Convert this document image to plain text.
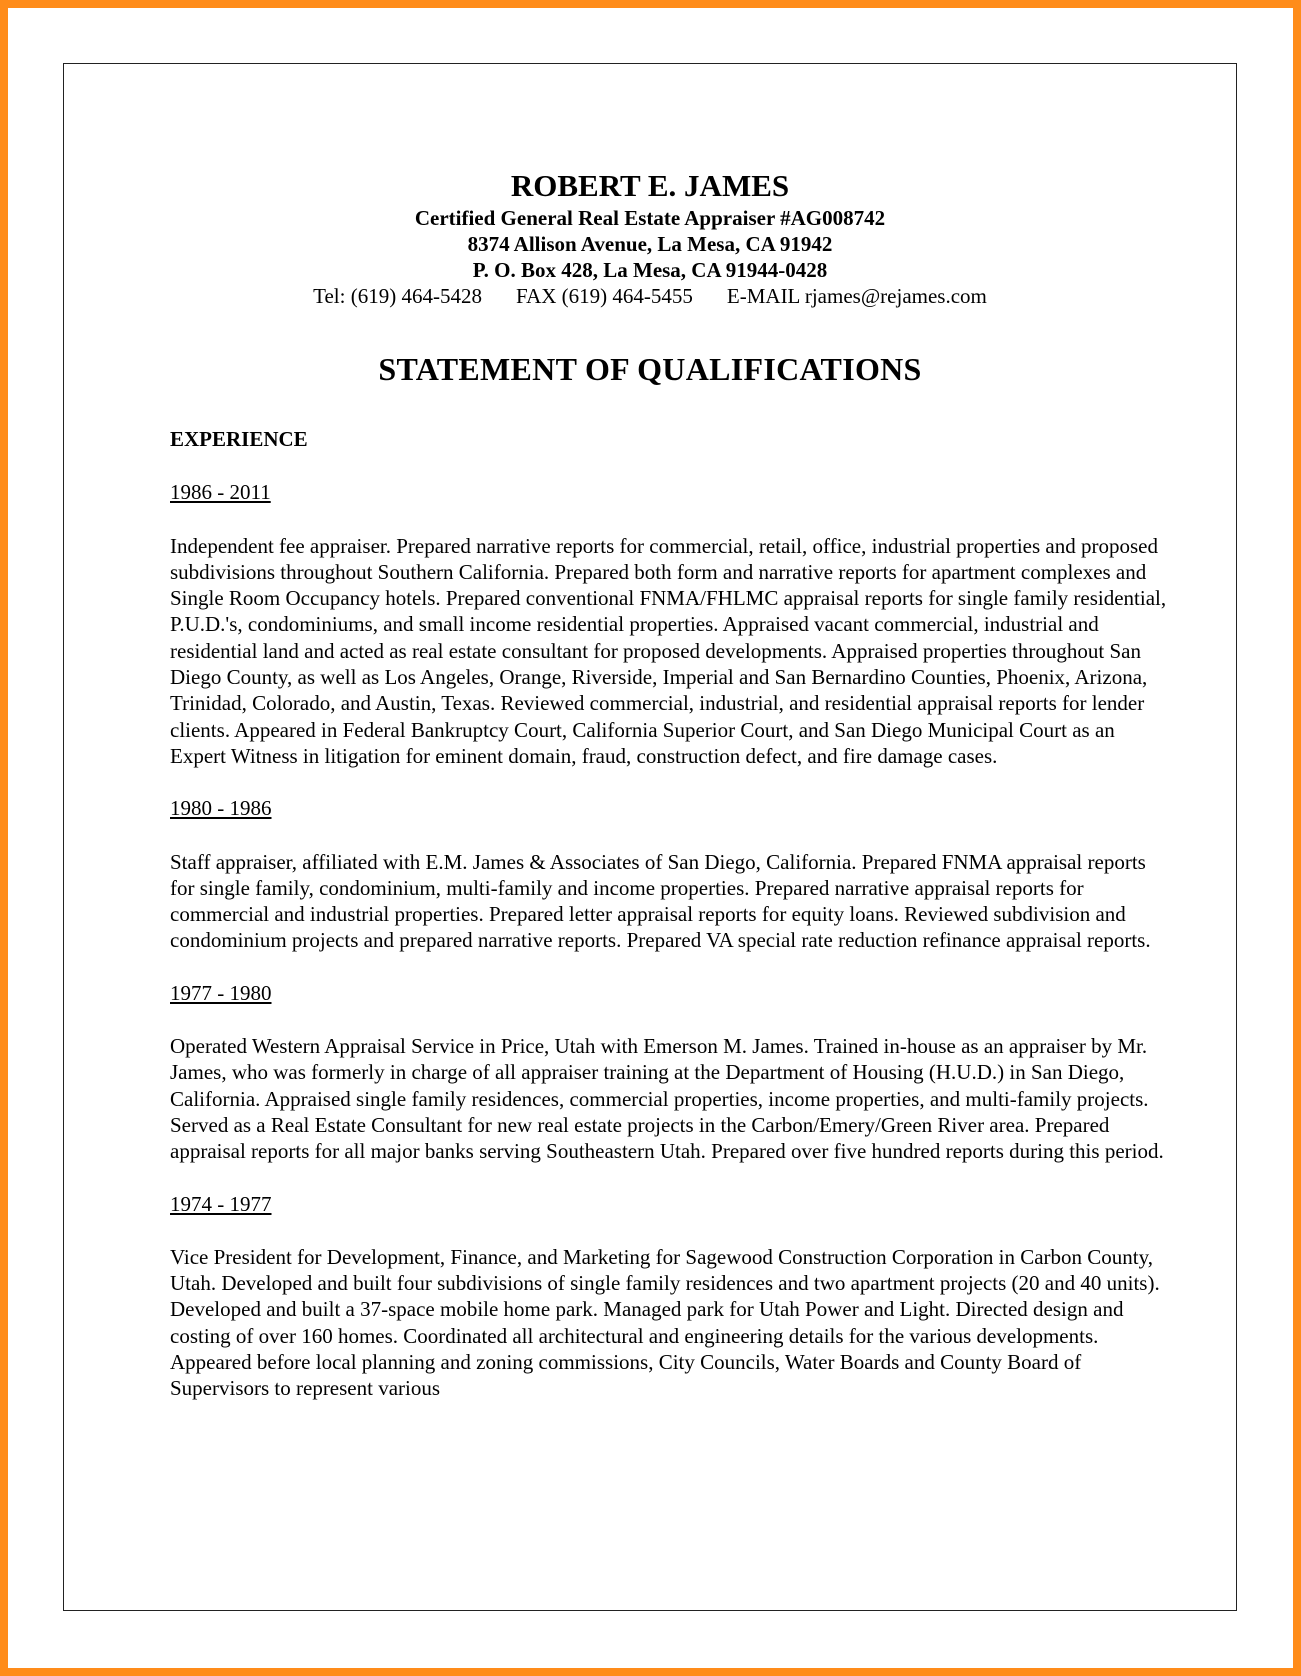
ROBERT E. JAMES

Certified General Real Estate Appraiser #AG008742

8374 Allison Avenue, La Mesa, CA 91942

P. O. Box 428, La Mesa, CA 91944-0428

Tel: (619) 464-5428 FAX (619) 464-5455 E-MAIL rjames@rejames.com

STATEMENT OF QUALIFICATIONS

EXPERIENCE

1986 - 2011

Independent fee appraiser. Prepared narrative reports for commercial, retail, office, industrial properties and proposed subdivisions throughout Southern California. Prepared both form and narrative reports for apartment complexes and Single Room Occupancy hotels. Prepared conventional FNMA/FHLMC appraisal reports for single family residential, P.U.D.'s, condominiums, and small income residential properties. Appraised vacant commercial, industrial and residential land and acted as real estate consultant for proposed developments. Appraised properties throughout San Diego County, as well as Los Angeles, Orange, Riverside, Imperial and San Bernardino Counties, Phoenix, Arizona, Trinidad, Colorado, and Austin, Texas. Reviewed commercial, industrial, and residential appraisal reports for lender clients. Appeared in Federal Bankruptcy Court, California Superior Court, and San Diego Municipal Court as an Expert Witness in litigation for eminent domain, fraud, construction defect, and fire damage cases.

1980 - 1986

Staff appraiser, affiliated with E.M. James & Associates of San Diego, California. Prepared FNMA appraisal reports for single family, condominium, multi-family and income properties. Prepared narrative appraisal reports for commercial and industrial properties. Prepared letter appraisal reports for equity loans. Reviewed subdivision and condominium projects and prepared narrative reports. Prepared VA special rate reduction refinance appraisal reports.

1977 - 1980

Operated Western Appraisal Service in Price, Utah with Emerson M. James. Trained in-house as an appraiser by Mr. James, who was formerly in charge of all appraiser training at the Department of Housing (H.U.D.) in San Diego, California. Appraised single family residences, commercial properties, income properties, and multi-family projects. Served as a Real Estate Consultant for new real estate projects in the Carbon/Emery/Green River area. Prepared appraisal reports for all major banks serving Southeastern Utah. Prepared over five hundred reports during this period.

1974 - 1977

Vice President for Development, Finance, and Marketing for Sagewood Construction Corporation in Carbon County, Utah. Developed and built four subdivisions of single family residences and two apartment projects (20 and 40 units). Developed and built a 37-space mobile home park. Managed park for Utah Power and Light. Directed design and costing of over 160 homes. Coordinated all architectural and engineering details for the various developments. Appeared before local planning and zoning commissions, City Councils, Water Boards and County Board of Supervisors to represent various
